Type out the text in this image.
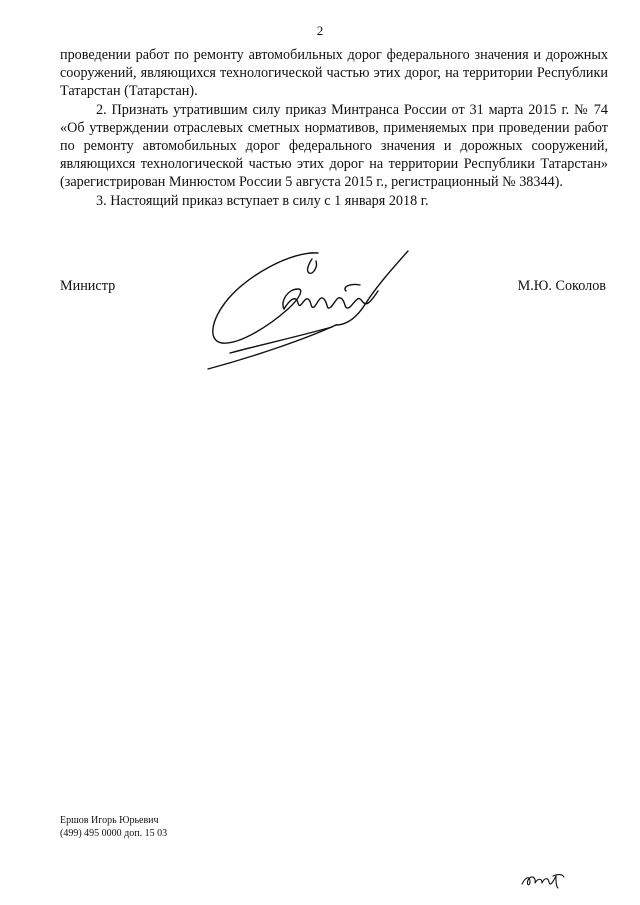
2

проведении работ по ремонту автомобильных дорог федерального значения и дорожных сооружений, являющихся технологической частью этих дорог, на территории Республики Татарстан (Татарстан).

2. Признать утратившим силу приказ Минтранса России от 31 марта 2015 г. № 74 «Об утверждении отраслевых сметных нормативов, применяемых при проведении работ по ремонту автомобильных дорог федерального значения и дорожных сооружений, являющихся технологической частью этих дорог на территории Республики Татарстан» (зарегистрирован Минюстом России 5 августа 2015 г., регистрационный № 38344).

3. Настоящий приказ вступает в силу с 1 января 2018 г.

Министр	М.Ю. Соколов
Ершов Игорь Юрьевич
(499) 495 0000 доп. 15 03
